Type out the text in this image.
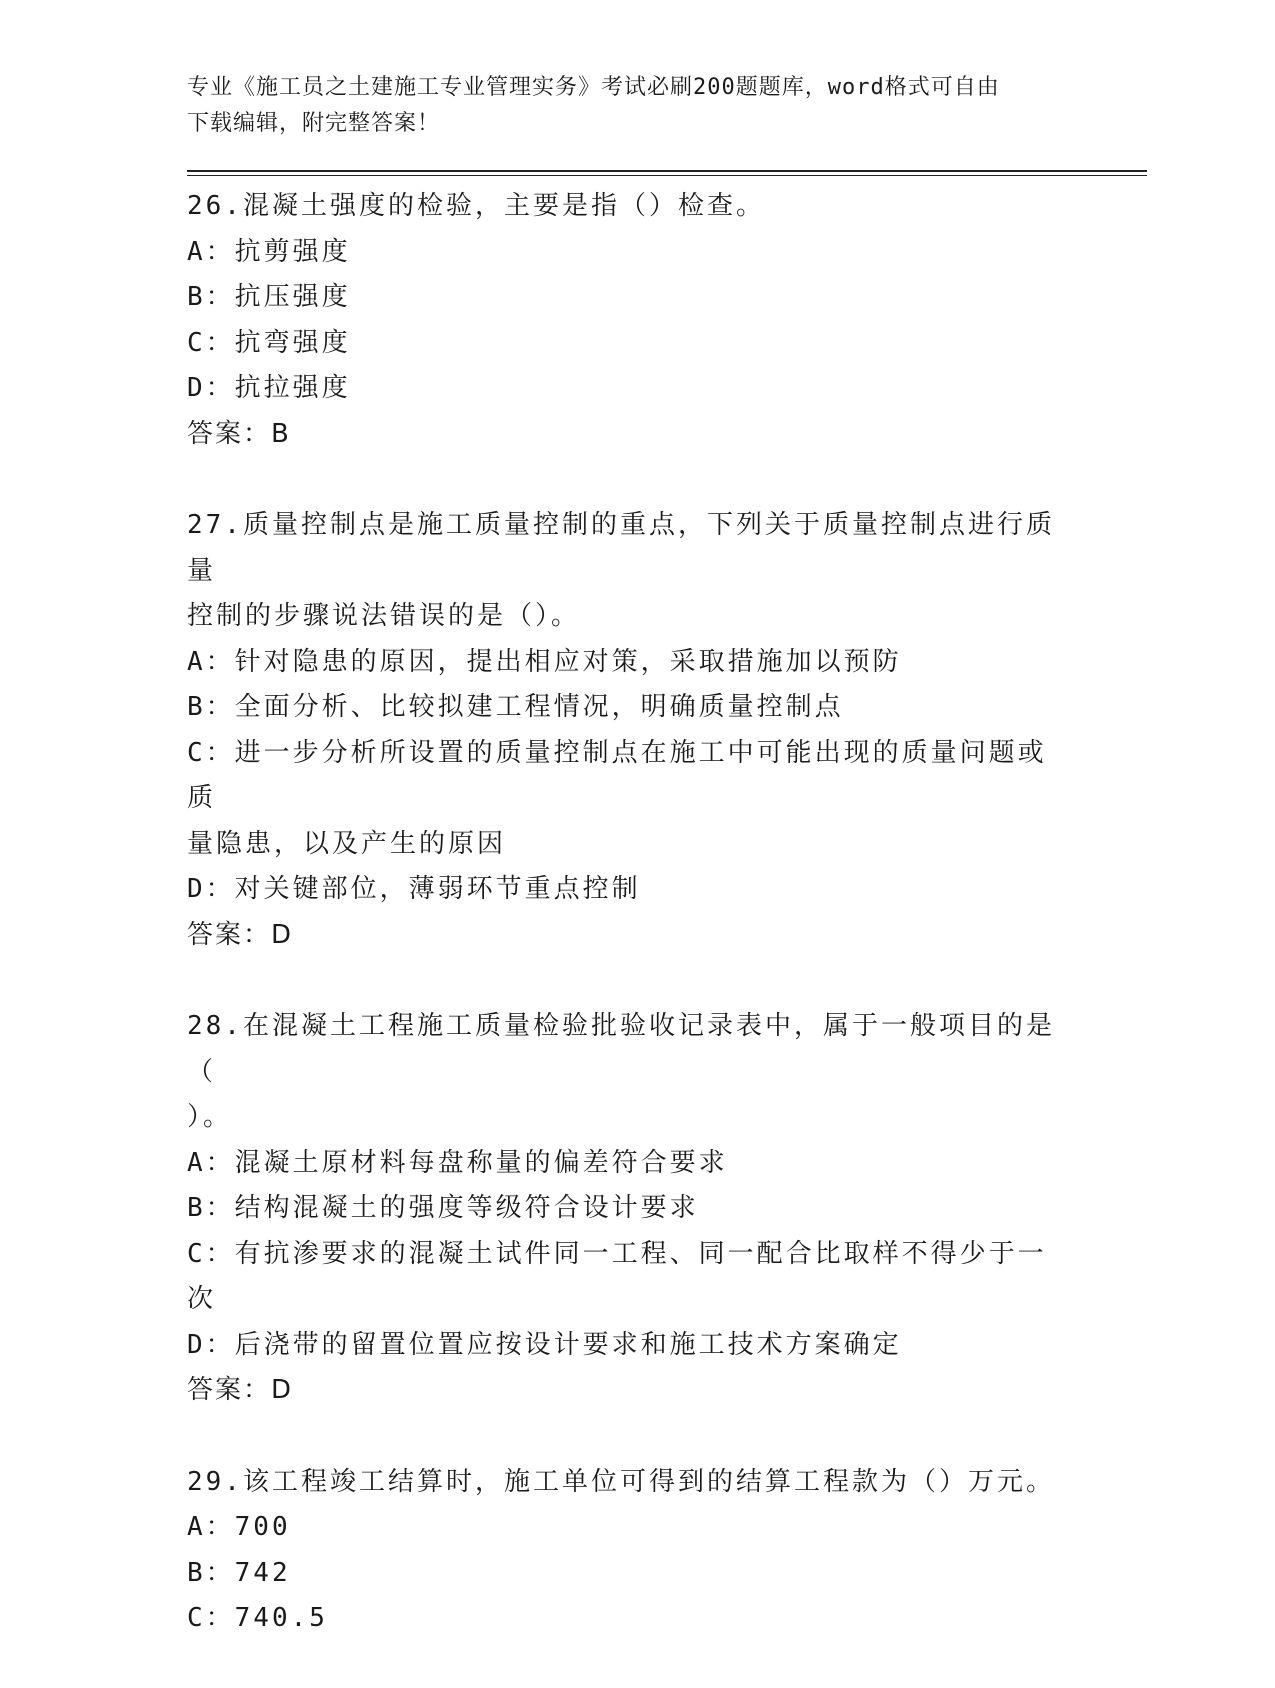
专业《施工员之土建施工专业管理实务》考试必刷200题题库，word格式可自由
下载编辑，附完整答案！

26.混凝土强度的检验，主要是指（）检查。

A：抗剪强度

B：抗压强度

C：抗弯强度

D：抗拉强度

答案：B

27.质量控制点是施工质量控制的重点，下列关于质量控制点进行质量

控制的步骤说法错误的是（）。

A：针对隐患的原因，提出相应对策，采取措施加以预防

B：全面分析、比较拟建工程情况，明确质量控制点

C：进一步分析所设置的质量控制点在施工中可能出现的质量问题或质

量隐患，以及产生的原因

D：对关键部位，薄弱环节重点控制

答案：D

28.在混凝土工程施工质量检验批验收记录表中，属于一般项目的是（

）。

A：混凝土原材料每盘称量的偏差符合要求

B：结构混凝土的强度等级符合设计要求

C：有抗渗要求的混凝土试件同一工程、同一配合比取样不得少于一次

D：后浇带的留置位置应按设计要求和施工技术方案确定

答案：D

29.该工程竣工结算时，施工单位可得到的结算工程款为（）万元。

A：700

B：742

C：740.5
